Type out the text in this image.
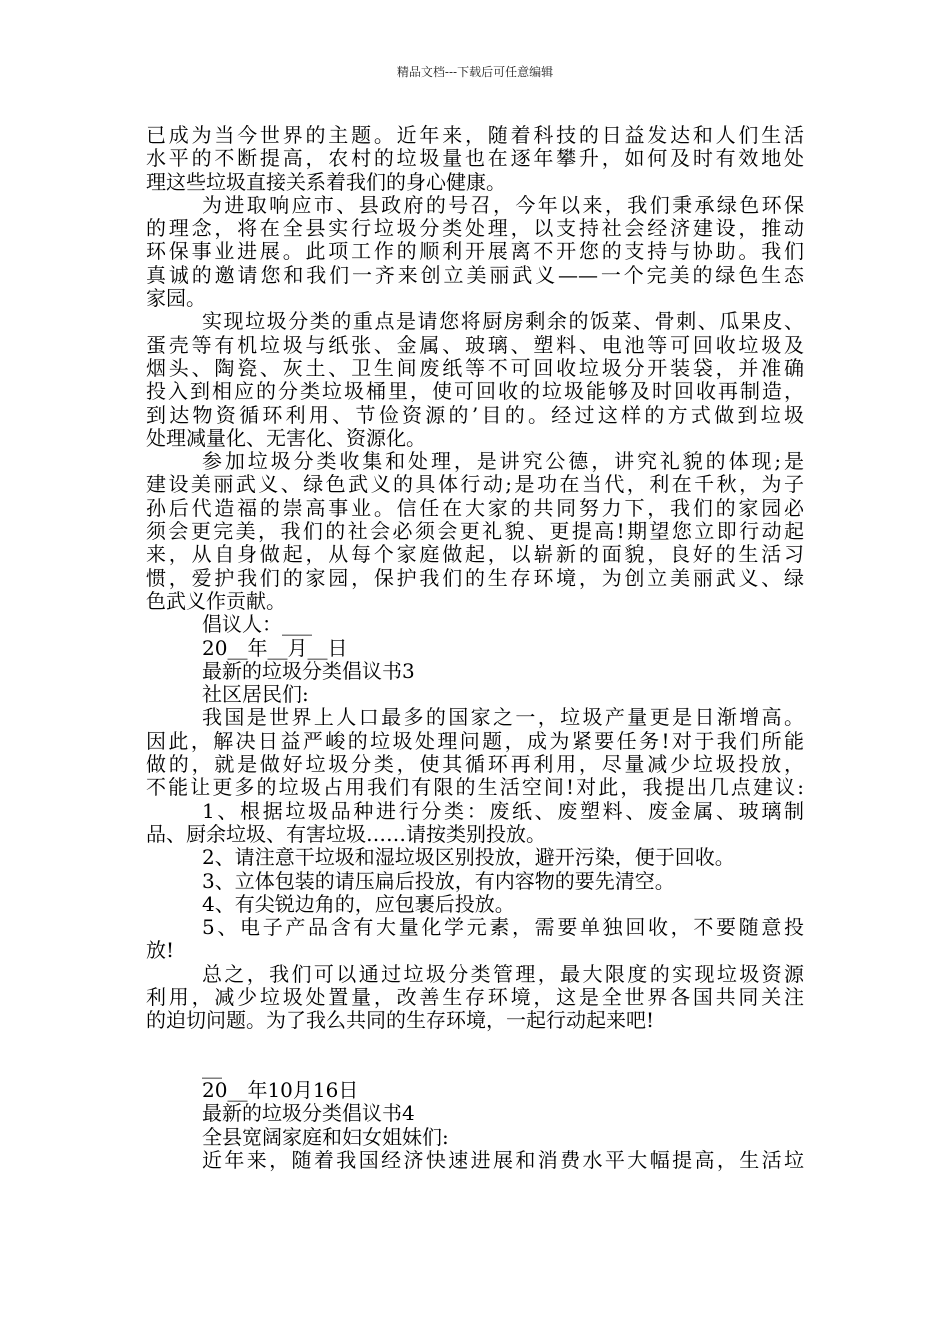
精品文档---下载后可任意编辑
已成为当今世界的主题。近年来，随着科技的日益发达和人们生活
水平的不断提高，农村的垃圾量也在逐年攀升，如何及时有效地处
理这些垃圾直接关系着我们的身心健康。
为进取响应市、县政府的号召，今年以来，我们秉承绿色环保
的理念，将在全县实行垃圾分类处理，以支持社会经济建设，推动
环保事业进展。此项工作的顺利开展离不开您的支持与协助。我们
真诚的邀请您和我们一齐来创立美丽武义——一个完美的绿色生态
家园。
实现垃圾分类的重点是请您将厨房剩余的饭菜、骨刺、瓜果皮、
蛋壳等有机垃圾与纸张、金属、玻璃、塑料、电池等可回收垃圾及
烟头、陶瓷、灰土、卫生间废纸等不可回收垃圾分开装袋，并准确
投入到相应的分类垃圾桶里，使可回收的垃圾能够及时回收再制造，
到达物资循环利用、节俭资源的’目的。经过这样的方式做到垃圾
处理减量化、无害化、资源化。
参加垃圾分类收集和处理，是讲究公德，讲究礼貌的体现;是
建设美丽武义、绿色武义的具体行动;是功在当代，利在千秋，为子
孙后代造福的崇高事业。信任在大家的共同努力下，我们的家园必
须会更完美，我们的社会必须会更礼貌、更提高!期望您立即行动起
来，从自身做起，从每个家庭做起，以崭新的面貌，良好的生活习
惯，爱护我们的家园，保护我们的生存环境，为创立美丽武义、绿
色武义作贡献。
倡议人：___
20__年__月__日
最新的垃圾分类倡议书3
社区居民们:
我国是世界上人口最多的国家之一，垃圾产量更是日渐增高。
因此，解决日益严峻的垃圾处理问题，成为紧要任务!对于我们所能
做的，就是做好垃圾分类，使其循环再利用，尽量减少垃圾投放，
不能让更多的垃圾占用我们有限的生活空间!对此，我提出几点建议:
1、根据垃圾品种进行分类：废纸、废塑料、废金属、玻璃制
品、厨余垃圾、有害垃圾……请按类别投放。
2、请注意干垃圾和湿垃圾区别投放，避开污染，便于回收。
3、立体包装的请压扁后投放，有内容物的要先清空。
4、有尖锐边角的，应包裹后投放。
5、电子产品含有大量化学元素，需要单独回收，不要随意投
放!
总之，我们可以通过垃圾分类管理，最大限度的实现垃圾资源
利用，减少垃圾处置量，改善生存环境，这是全世界各国共同关注
的迫切问题。为了我么共同的生存环境，一起行动起来吧!
__
20__年10月16日
最新的垃圾分类倡议书4
全县宽阔家庭和妇女姐妹们:
近年来，随着我国经济快速进展和消费水平大幅提高，生活垃
